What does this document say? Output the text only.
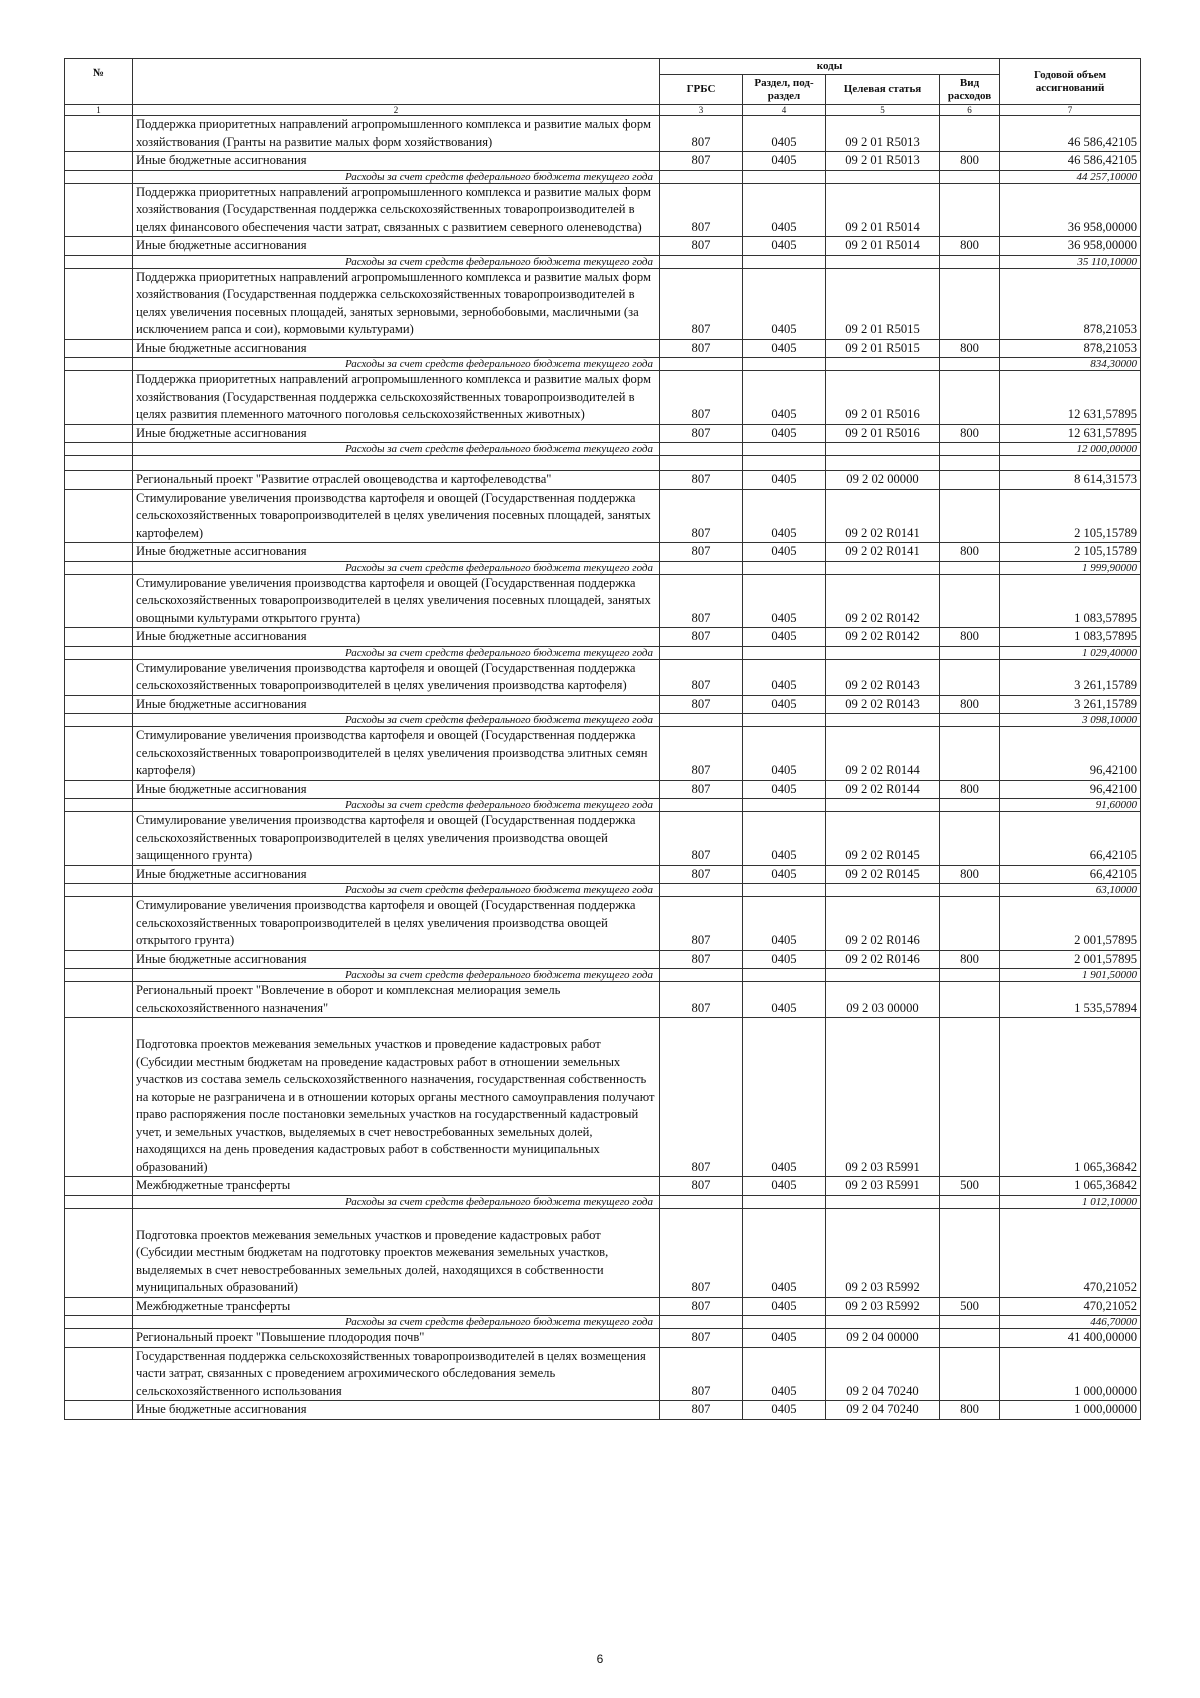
№		коды				Годовой объем ассигнований
		ГРБС	Раздел, под-раздел	Целевая статья	Вид расходов	
1	2	3	4	5	6	7
	Поддержка приоритетных направлений агропромышленного комплекса и развитие малых форм хозяйствования (Гранты на развитие малых форм хозяйствования)	807	0405	09 2 01 R5013		46 586,42105
	Иные бюджетные ассигнования	807	0405	09 2 01 R5013	800	46 586,42105
	Расходы за счет средств федерального бюджета текущего года					44 257,10000
	Поддержка приоритетных направлений агропромышленного комплекса и развитие малых форм хозяйствования (Государственная поддержка сельскохозяйственных товаропроизводителей в целях финансового обеспечения части затрат, связанных с развитием северного оленеводства)	807	0405	09 2 01 R5014		36 958,00000
	Иные бюджетные ассигнования	807	0405	09 2 01 R5014	800	36 958,00000
	Расходы за счет средств федерального бюджета текущего года					35 110,10000
	Поддержка приоритетных направлений агропромышленного комплекса и развитие малых форм хозяйствования (Государственная поддержка сельскохозяйственных товаропроизводителей в целях увеличения посевных площадей, занятых зерновыми, зернобобовыми, масличными (за исключением рапса и сои), кормовыми культурами)	807	0405	09 2 01 R5015		878,21053
	Иные бюджетные ассигнования	807	0405	09 2 01 R5015	800	878,21053
	Расходы за счет средств федерального бюджета текущего года					834,30000
	Поддержка приоритетных направлений агропромышленного комплекса и развитие малых форм хозяйствования (Государственная поддержка сельскохозяйственных товаропроизводителей в целях развития племенного маточного поголовья сельскохозяйственных животных)	807	0405	09 2 01 R5016		12 631,57895
	Иные бюджетные ассигнования	807	0405	09 2 01 R5016	800	12 631,57895
	Расходы за счет средств федерального бюджета текущего года					12 000,00000

	Региональный проект "Развитие отраслей овощеводства и картофелеводства"	807	0405	09 2 02 00000		8 614,31573
	Стимулирование увеличения производства картофеля и овощей (Государственная поддержка сельскохозяйственных товаропроизводителей в целях увеличения посевных площадей, занятых картофелем)	807	0405	09 2 02 R0141		2 105,15789
	Иные бюджетные ассигнования	807	0405	09 2 02 R0141	800	2 105,15789
	Расходы за счет средств федерального бюджета текущего года					1 999,90000
	Стимулирование увеличения производства картофеля и овощей (Государственная поддержка сельскохозяйственных товаропроизводителей в целях увеличения посевных площадей, занятых овощными культурами открытого грунта)	807	0405	09 2 02 R0142		1 083,57895
	Иные бюджетные ассигнования	807	0405	09 2 02 R0142	800	1 083,57895
	Расходы за счет средств федерального бюджета текущего года					1 029,40000
	Стимулирование увеличения производства картофеля и овощей (Государственная поддержка сельскохозяйственных товаропроизводителей в целях увеличения производства картофеля)	807	0405	09 2 02 R0143		3 261,15789
	Иные бюджетные ассигнования	807	0405	09 2 02 R0143	800	3 261,15789
	Расходы за счет средств федерального бюджета текущего года					3 098,10000
	Стимулирование увеличения производства картофеля и овощей (Государственная поддержка сельскохозяйственных товаропроизводителей в целях увеличения производства элитных семян картофеля)	807	0405	09 2 02 R0144		96,42100
	Иные бюджетные ассигнования	807	0405	09 2 02 R0144	800	96,42100
	Расходы за счет средств федерального бюджета текущего года					91,60000
	Стимулирование увеличения производства картофеля и овощей (Государственная поддержка сельскохозяйственных товаропроизводителей в целях увеличения производства овощей защищенного грунта)	807	0405	09 2 02 R0145		66,42105
	Иные бюджетные ассигнования	807	0405	09 2 02 R0145	800	66,42105
	Расходы за счет средств федерального бюджета текущего года					63,10000
	Стимулирование увеличения производства картофеля и овощей (Государственная поддержка сельскохозяйственных товаропроизводителей в целях увеличения производства овощей открытого грунта)	807	0405	09 2 02 R0146		2 001,57895
	Иные бюджетные ассигнования	807	0405	09 2 02 R0146	800	2 001,57895
	Расходы за счет средств федерального бюджета текущего года					1 901,50000
	Региональный проект "Вовлечение в оборот и комплексная мелиорация земель сельскохозяйственного назначения"	807	0405	09 2 03 00000		1 535,57894
	Подготовка проектов межевания земельных участков и проведение кадастровых работ (Субсидии местным бюджетам на проведение кадастровых работ в отношении земельных участков из состава земель сельскохозяйственного назначения, государственная собственность на которые не разграничена и в отношении которых органы местного самоуправления получают право распоряжения после постановки земельных участков на государственный кадастровый учет, и земельных участков, выделяемых в счет невостребованных земельных долей, находящихся на день проведения кадастровых работ в собственности муниципальных образований)	807	0405	09 2 03 R5991		1 065,36842
	Межбюджетные трансферты	807	0405	09 2 03 R5991	500	1 065,36842
	Расходы за счет средств федерального бюджета текущего года					1 012,10000
	Подготовка проектов межевания земельных участков и проведение кадастровых работ (Субсидии местным бюджетам на подготовку проектов межевания земельных участков, выделяемых в счет невостребованных земельных долей, находящихся в собственности муниципальных образований)	807	0405	09 2 03 R5992		470,21052
	Межбюджетные трансферты	807	0405	09 2 03 R5992	500	470,21052
	Расходы за счет средств федерального бюджета текущего года					446,70000
	Региональный проект "Повышение плодородия почв"	807	0405	09 2 04 00000		41 400,00000
	Государственная поддержка сельскохозяйственных товаропроизводителей в целях возмещения части затрат, связанных с проведением агрохимического обследования земель сельскохозяйственного использования	807	0405	09 2 04 70240		1 000,00000
	Иные бюджетные ассигнования	807	0405	09 2 04 70240	800	1 000,00000
6
